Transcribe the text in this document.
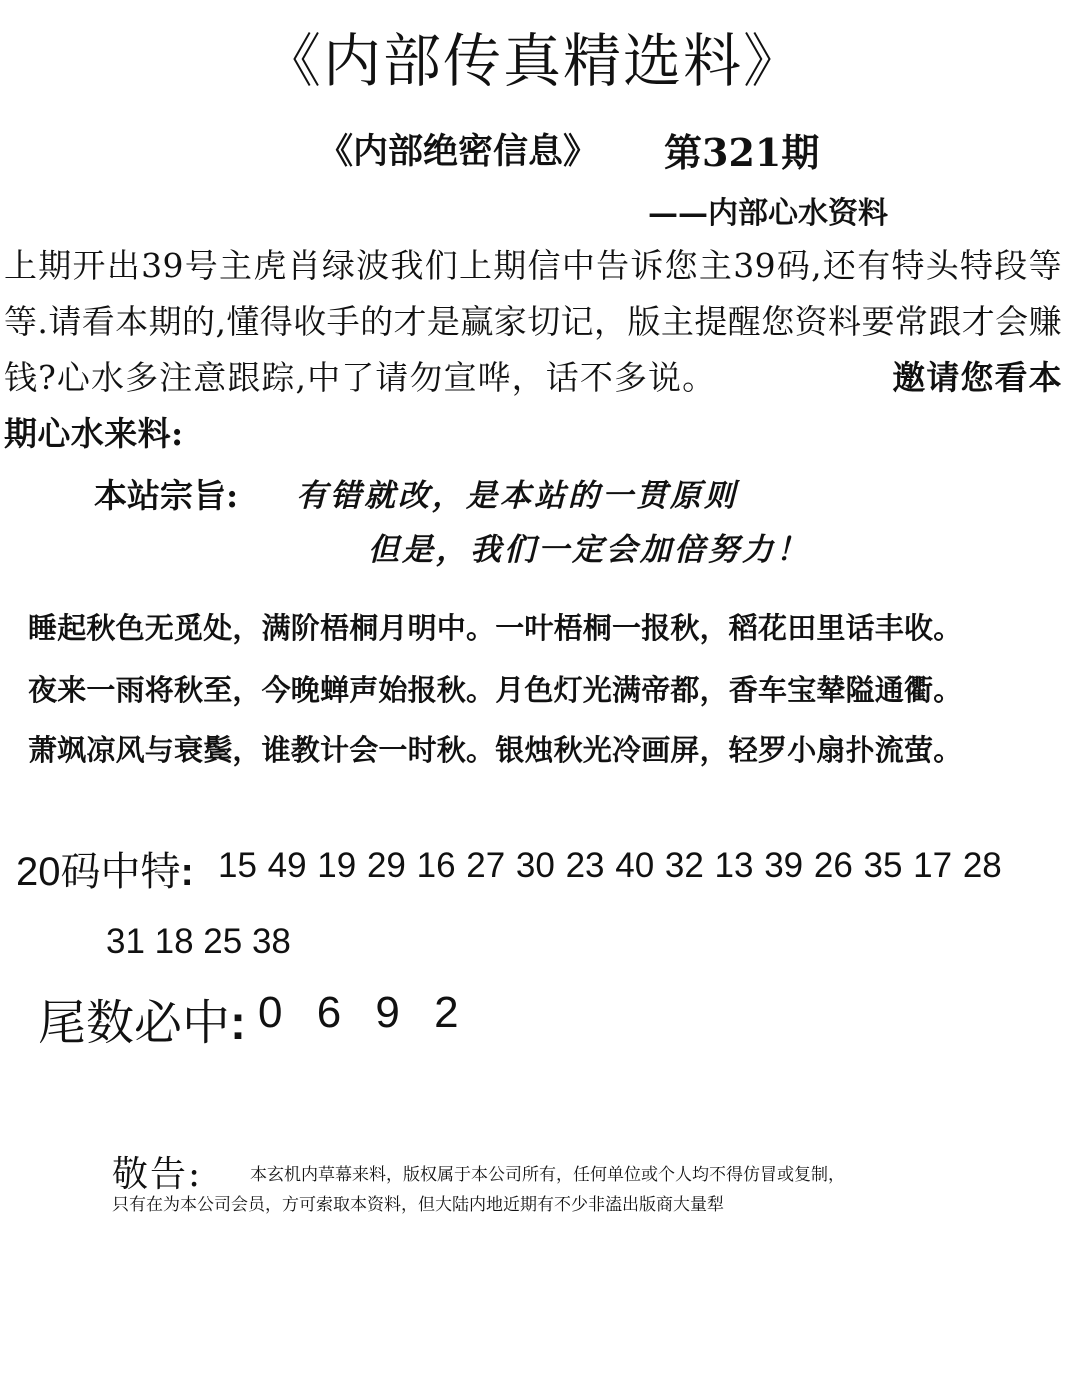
《内部传真精选料》
《内部绝密信息》 第321期
——内部心水资料
上期开出39号主虎肖绿波我们上期信中告诉您主39码,还有特头特段等等.请看本期的,懂得收手的才是赢家切记，版主提醒您资料要常跟才会赚钱?心水多注意跟踪,中了请勿宣哗，话不多说。	邀请您看本期心水来料:
本站宗旨: 有错就改，是本站的一贯原则
但是，我们一定会加倍努力！
睡起秋色无觅处，满阶梧桐月明中。一叶梧桐一报秋，稻花田里话丰收。
夜来一雨将秋至，今晚蝉声始报秋。月色灯光满帝都，香车宝辇隘通衢。
萧飒凉风与衰鬓，谁教计会一时秋。银烛秋光冷画屏，轻罗小扇扑流萤。
20码中特: 15 49 19 29 16 27 30 23 40 32 13 39 26 35 17 28
31 18 25 38
尾数必中: 0 6 9 2
敬告:	本玄机内草幕来料，版权属于本公司所有，任何单位或个人均不得仿冒或复制，
只有在为本公司会员，方可索取本资料，但大陆内地近期有不少非溘出版商大量犁
